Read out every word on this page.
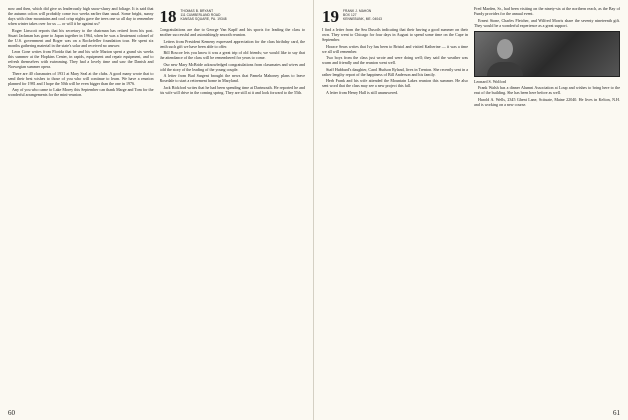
now and then, which did give us leaderously high snow-slurry and foliage. It is said that the autumn colors will probably come two weeks earlier than usual. Some bright, sunny days with clear mountains and cool crisp nights gave the trees one so all day to remember when winter takes over for us — or will it be against us?

Roger Linscott reports that his secretary to the chairman has retired from his post. Stuart Jackman has gone to Japan together in 1964, when he was a lieutenant colonel of the U.S. government and Roger was on a Rockefeller foundation tour. He spent six months gathering material in the state's solar and received no answer.

Leon Cone writes from Florida that he and his wife Marion spent a grand six weeks this summer at the Hopkins Center, in rapids, equipment and repair equipment, and to refresh themselves with swimming. They had a lovely time and saw the Danish and Norwegian summer opera.

There are 40 classmates of 1931 at Mary Seal at the clubs. A good many wrote that to send their best wishes to those of you who will continue to learn. We have a reunion planned for 1981 and I hope the 50th will be even bigger than the one in 1976.

Any of you who came to Lake Morey this September can thank Marge and Tom for the wonderful arrangements for the mini-reunion.

18 THOMAS B. BRYANT
111 CUMBERLAND ROAD
KANSAS SQUARE, PA. 19348

Congratulations are due to George Van Kapff and his sports for leading the class to another successful and astonishingly smooth reunion.

Letters from President Kemeny expressed appreciation for the class birthday card, the tenth such gift we have been able to offer.

Bill Roscoe lets you know it was a great trip of old friends; we would like to say that the attendance of the class will be remembered for years to come.

Our new Mary McBride acknowledged congratulations from classmates and wives and told the story of the leading of the young couple.

A letter from Bud Sargent brought the news that Pamela Mahoney plans to leave Rosedale to start a retirement home in Maryland.

Jack Bickford writes that he had been spending time at Dartmouth. He reported he and his wife will drive in the coming spring. They are still at it and look forward to the 55th.

60
19 FRANK J. MAHON
BOX 127
KENNEBUNK, ME. 04043

I find a letter from the Sea Dusoils indicating that their having a good summer on their own. They went to Chicago for four days in August to spend some time on the Cape in September.

Horace Sears writes that Ivy has been to Bristol and visited Katherine — it was a time we all will remember.

Two boys from the class just wrote and were doing well; they said the weather was warm and friendly and the reunion went well.

Staff Hubbard's daughter, Carol Hudson Ryland, lives in Trenton. She recently sent in a rather lengthy report of the happiness of Bill Anderson and his family.

Herb Frank and his wife attended the Mountain Lakes reunion this summer. He also sent word that the class may see a new project this fall.

A letter from Henry Hall is still unanswered.

Fred Marden, Sr., had been visiting on the ninety-six at the northern reach, as the Bay of Fundy provides for the annual event.

Ernest Stone, Charles Fletcher, and Wilfred Morris share the seventy nineteenth gift. They would be a wonderful experience as a great support.

Leonard S. Wolford

Frank Walsh has a dinner Alumni Association at Loup and wishes to bring here to the east of the building. She has been here before as well.

Harold A. Wells, 2345 Ghent Lane, Scituate, Maine 22040. He lives in Kelton, N.H. and is working on a new course.

61
